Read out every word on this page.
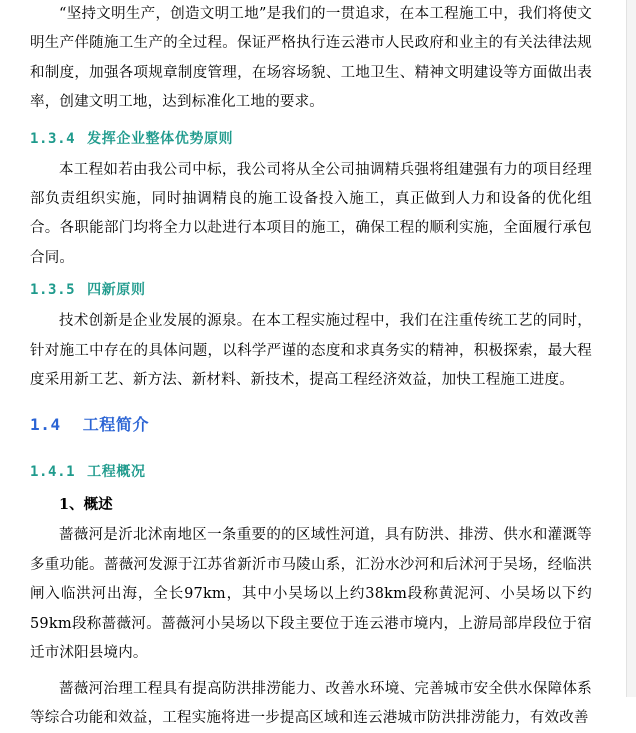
“坚持文明生产，创造文明工地”是我们的一贯追求，在本工程施工中，我们将使文明生产伴随施工生产的全过程。保证严格执行连云港市人民政府和业主的有关法律法规和制度，加强各项规章制度管理，在场容场貌、工地卫生、精神文明建设等方面做出表率，创建文明工地，达到标准化工地的要求。

1.3.4 发挥企业整体优势原则

本工程如若由我公司中标，我公司将从全公司抽调精兵强将组建强有力的项目经理部负责组织实施，同时抽调精良的施工设备投入施工，真正做到人力和设备的优化组合。各职能部门均将全力以赴进行本项目的施工，确保工程的顺利实施，全面履行承包合同。

1.3.5 四新原则

技术创新是企业发展的源泉。在本工程实施过程中，我们在注重传统工艺的同时，针对施工中存在的具体问题，以科学严谨的态度和求真务实的精神，积极探索，最大程度采用新工艺、新方法、新材料、新技术，提高工程经济效益，加快工程施工进度。

1.4 工程简介
1.4.1 工程概况
1、概述

蔷薇河是沂北沭南地区一条重要的的区域性河道，具有防洪、排涝、供水和灌溉等多重功能。蔷薇河发源于江苏省新沂市马陵山系，汇汾水沙河和后沭河于吴场，经临洪闸入临洪河出海，全长97km，其中小吴场以上约38km段称黄泥河、小吴场以下约59km段称蔷薇河。蔷薇河小吴场以下段主要位于连云港市境内，上游局部岸段位于宿迁市沭阳县境内。

蔷薇河治理工程具有提高防洪排涝能力、改善水环境、完善城市安全供水保障体系等综合功能和效益，工程实施将进一步提高区域和连云港城市防洪排涝能力，有效改善
